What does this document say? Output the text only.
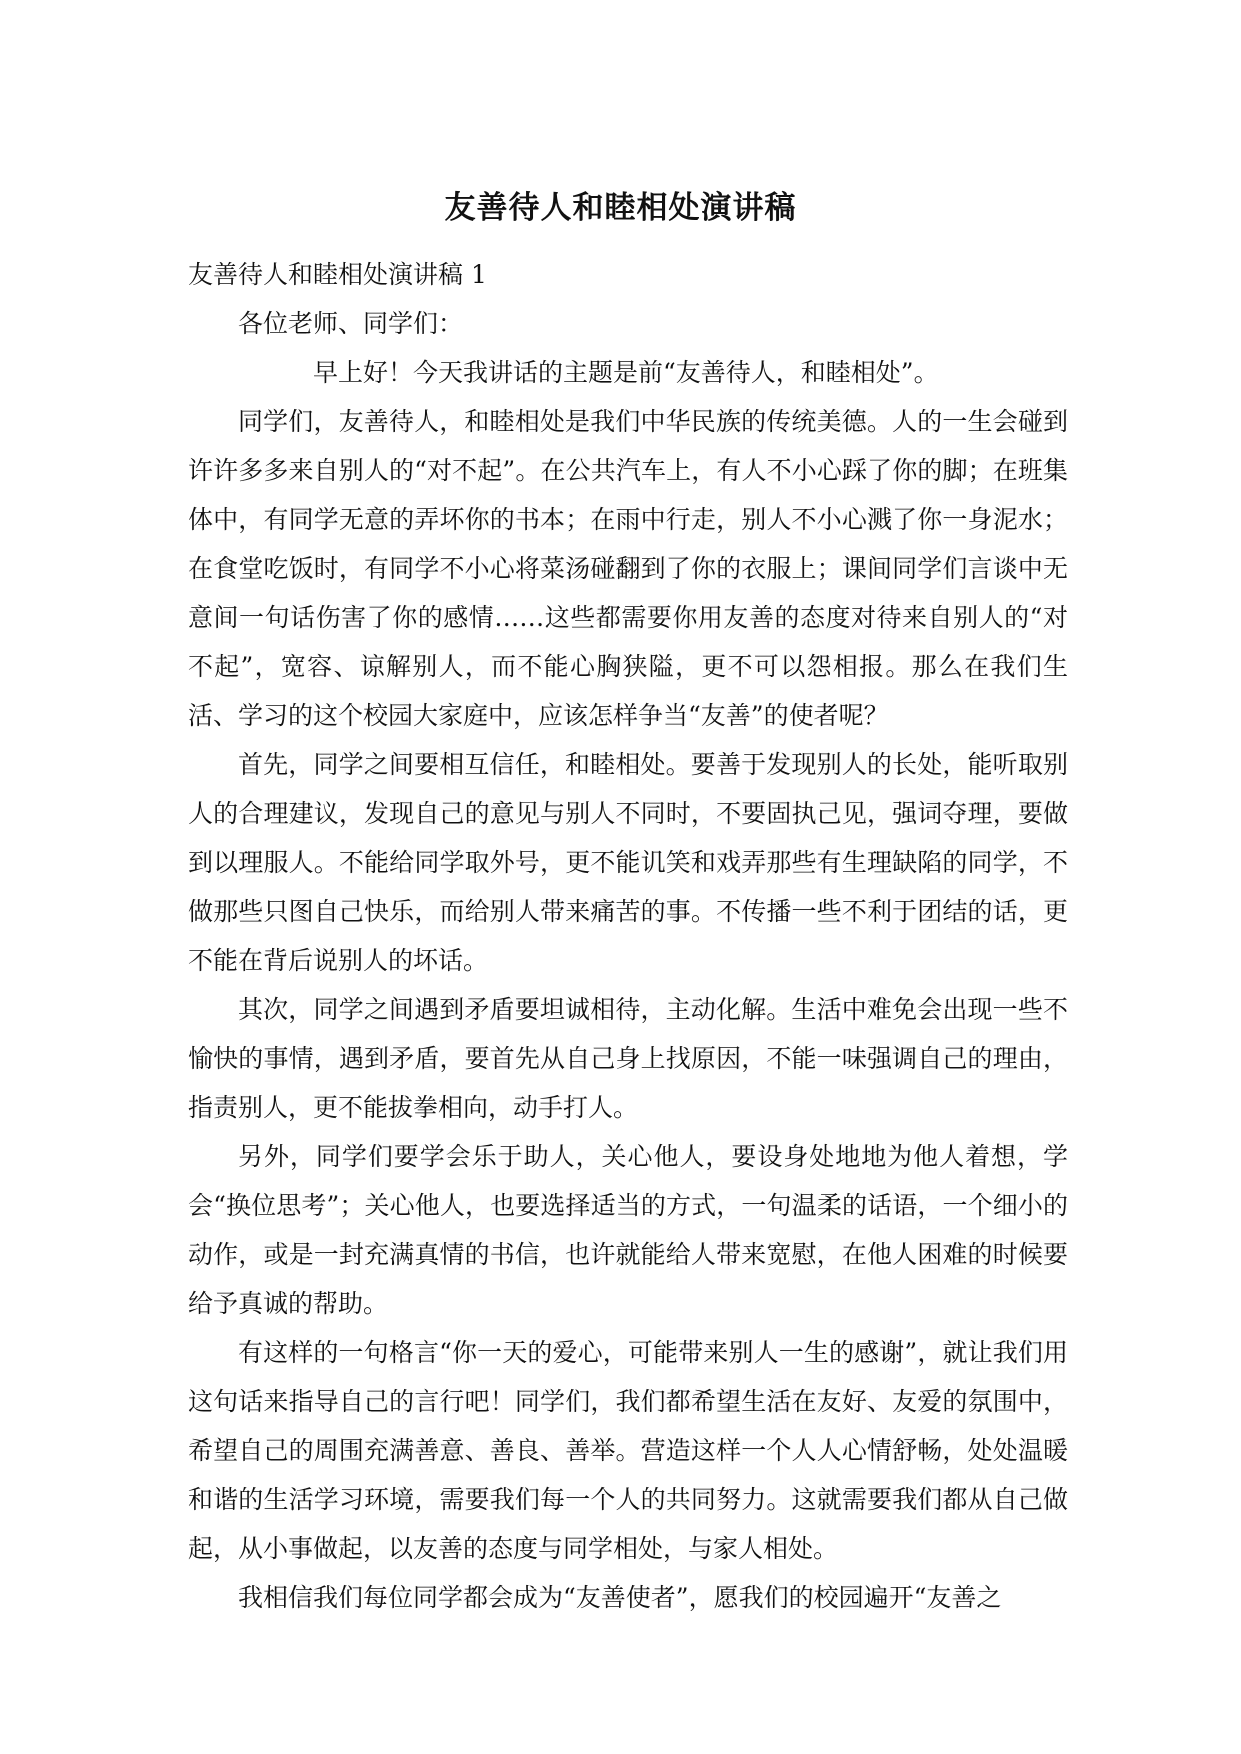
友善待人和睦相处演讲稿

友善待人和睦相处演讲稿 1

各位老师、同学们：

早上好！今天我讲话的主题是前“友善待人，和睦相处”。

同学们，友善待人，和睦相处是我们中华民族的传统美德。人的一生会碰到许许多多来自别人的“对不起”。在公共汽车上，有人不小心踩了你的脚；在班集体中，有同学无意的弄坏你的书本；在雨中行走，别人不小心溅了你一身泥水；在食堂吃饭时，有同学不小心将菜汤碰翻到了你的衣服上；课间同学们言谈中无意间一句话伤害了你的感情……这些都需要你用友善的态度对待来自别人的“对不起”，宽容、谅解别人，而不能心胸狭隘，更不可以怨相报。那么在我们生活、学习的这个校园大家庭中，应该怎样争当“友善”的使者呢？

首先，同学之间要相互信任，和睦相处。要善于发现别人的长处，能听取别人的合理建议，发现自己的意见与别人不同时，不要固执己见，强词夺理，要做到以理服人。不能给同学取外号，更不能讥笑和戏弄那些有生理缺陷的同学，不做那些只图自己快乐，而给别人带来痛苦的事。不传播一些不利于团结的话，更不能在背后说别人的坏话。

其次，同学之间遇到矛盾要坦诚相待，主动化解。生活中难免会出现一些不愉快的事情，遇到矛盾，要首先从自己身上找原因，不能一味强调自己的理由，指责别人，更不能拔拳相向，动手打人。

另外，同学们要学会乐于助人，关心他人，要设身处地地为他人着想，学会“换位思考”；关心他人，也要选择适当的方式，一句温柔的话语，一个细小的动作，或是一封充满真情的书信，也许就能给人带来宽慰，在他人困难的时候要给予真诚的帮助。

有这样的一句格言“你一天的爱心，可能带来别人一生的感谢”，就让我们用这句话来指导自己的言行吧！同学们，我们都希望生活在友好、友爱的氛围中，希望自己的周围充满善意、善良、善举。营造这样一个人人心情舒畅，处处温暖和谐的生活学习环境，需要我们每一个人的共同努力。这就需要我们都从自己做起，从小事做起，以友善的态度与同学相处，与家人相处。

我相信我们每位同学都会成为“友善使者”，愿我们的校园遍开“友善之
